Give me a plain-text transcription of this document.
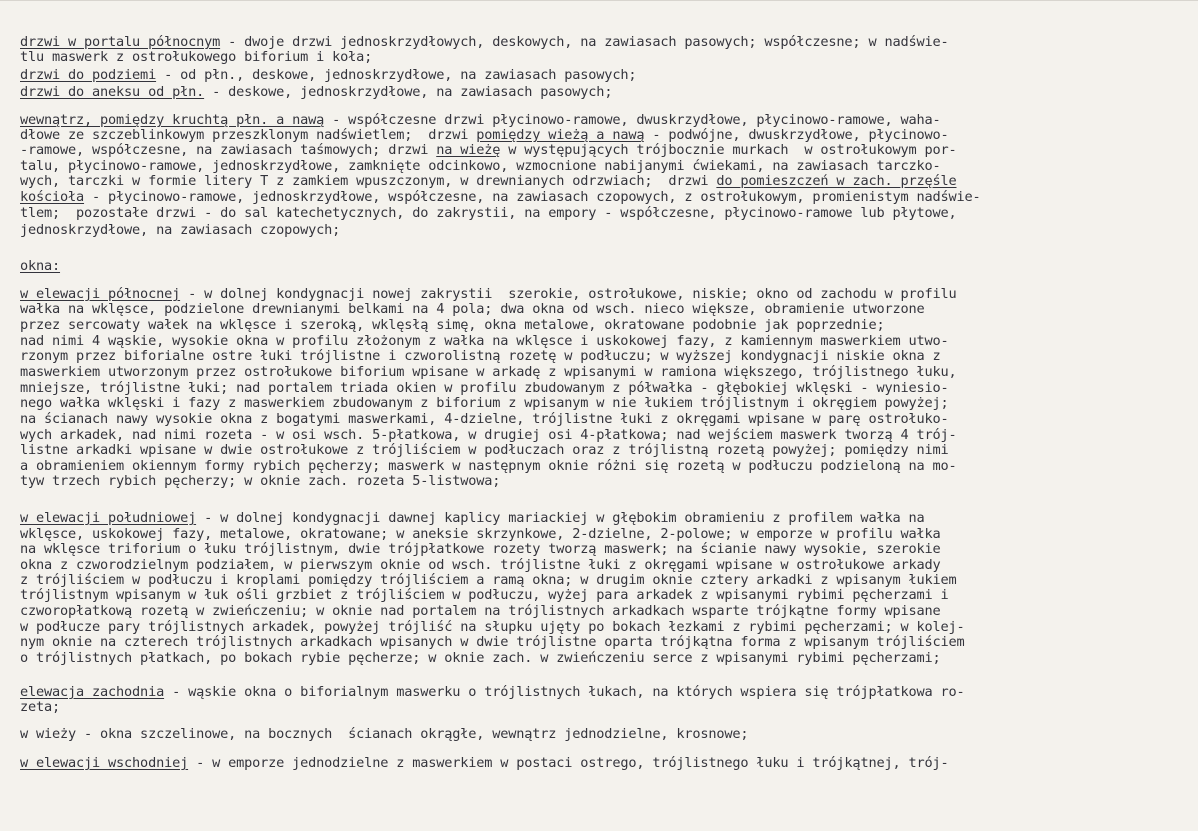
drzwi w portalu północnym - dwoje drzwi jednoskrzydłowych, deskowych, na zawiasach pasowych; współczesne; w nadświe-
tlu maswerk z ostrołukowego biforium i koła;
drzwi do podziemi - od płn., deskowe, jednoskrzydłowe, na zawiasach pasowych;
drzwi do aneksu od płn. - deskowe, jednoskrzydłowe, na zawiasach pasowych;
wewnątrz, pomiędzy kruchtą płn. a nawą - współczesne drzwi płycinowo-ramowe, dwuskrzydłowe, płycinowo-ramowe, waha-
dłowe ze szczeblinkowym przeszklonym nadświetlem;  drzwi pomiędzy wieżą a nawą - podwójne, dwuskrzydłowe, płycinowo-
-ramowe, współczesne, na zawiasach taśmowych; drzwi na wieżę w występujących trójbocznie murkach  w ostrołukowym por-
talu, płycinowo-ramowe, jednoskrzydłowe, zamknięte odcinkowo, wzmocnione nabijanymi ćwiekami, na zawiasach tarczko-
wych, tarczki w formie litery T z zamkiem wpuszczonym, w drewnianych odrzwiach;  drzwi do pomieszczeń w zach. przęśle
kościoła - płycinowo-ramowe, jednoskrzydłowe, współczesne, na zawiasach czopowych, z ostrołukowym, promienistym nadświe-
tlem;  pozostałe drzwi - do sal katechetycznych, do zakrystii, na empory - współczesne, płycinowo-ramowe lub płytowe,
jednoskrzydłowe, na zawiasach czopowych;
okna:
w elewacji północnej - w dolnej kondygnacji nowej zakrystii  szerokie, ostrołukowe, niskie; okno od zachodu w profilu
wałka na wklęsce, podzielone drewnianymi belkami na 4 pola; dwa okna od wsch. nieco większe, obramienie utworzone
przez sercowaty wałek na wklęsce i szeroką, wklęsłą simę, okna metalowe, okratowane podobnie jak poprzednie;
nad nimi 4 wąskie, wysokie okna w profilu złożonym z wałka na wklęsce i uskokowej fazy, z kamiennym maswerkiem utwo-
rzonym przez biforialne ostre łuki trójlistne i czworolistną rozetę w podłuczu; w wyższej kondygnacji niskie okna z
maswerkiem utworzonym przez ostrołukowe biforium wpisane w arkadę z wpisanymi w ramiona większego, trójlistnego łuku,
mniejsze, trójlistne łuki; nad portalem triada okien w profilu zbudowanym z półwałka - głębokiej wklęski - wyniesio-
nego wałka wklęski i fazy z maswerkiem zbudowanym z biforium z wpisanym w nie łukiem trójlistnym i okręgiem powyżej;
na ścianach nawy wysokie okna z bogatymi maswerkami, 4-dzielne, trójlistne łuki z okręgami wpisane w parę ostrołuko-
wych arkadek, nad nimi rozeta - w osi wsch. 5-płatkowa, w drugiej osi 4-płatkowa; nad wejściem maswerk tworzą 4 trój-
listne arkadki wpisane w dwie ostrołukowe z trójliściem w podłuczach oraz z trójlistną rozetą powyżej; pomiędzy nimi
a obramieniem okiennym formy rybich pęcherzy; maswerk w następnym oknie różni się rozetą w podłuczu podzieloną na mo-
tyw trzech rybich pęcherzy; w oknie zach. rozeta 5-listwowa;
w elewacji południowej - w dolnej kondygnacji dawnej kaplicy mariackiej w głębokim obramieniu z profilem wałka na
wklęsce, uskokowej fazy, metalowe, okratowane; w aneksie skrzynkowe, 2-dzielne, 2-polowe; w emporze w profilu wałka
na wklęsce triforium o łuku trójlistnym, dwie trójpłatkowe rozety tworzą maswerk; na ścianie nawy wysokie, szerokie
okna z czworodzielnym podziałem, w pierwszym oknie od wsch. trójlistne łuki z okręgami wpisane w ostrołukowe arkady
z trójliściem w podłuczu i kroplami pomiędzy trójliściem a ramą okna; w drugim oknie cztery arkadki z wpisanym łukiem
trójlistnym wpisanym w łuk ośli grzbiet z trójliściem w podłuczu, wyżej para arkadek z wpisanymi rybimi pęcherzami i
czworopłatkową rozetą w zwieńczeniu; w oknie nad portalem na trójlistnych arkadkach wsparte trójkątne formy wpisane
w podłucze pary trójlistnych arkadek, powyżej trójliść na słupku ujęty po bokach łezkami z rybimi pęcherzami; w kolej-
nym oknie na czterech trójlistnych arkadkach wpisanych w dwie trójlistne oparta trójkątna forma z wpisanym trójliściem
o trójlistnych płatkach, po bokach rybie pęcherze; w oknie zach. w zwieńczeniu serce z wpisanymi rybimi pęcherzami;
elewacja zachodnia - wąskie okna o biforialnym maswerku o trójlistnych łukach, na których wspiera się trójpłatkowa ro-
zeta;
w wieży - okna szczelinowe, na bocznych  ścianach okrągłe, wewnątrz jednodzielne, krosnowe;
w elewacji wschodniej - w emporze jednodzielne z maswerkiem w postaci ostrego, trójlistnego łuku i trójkątnej, trój-
